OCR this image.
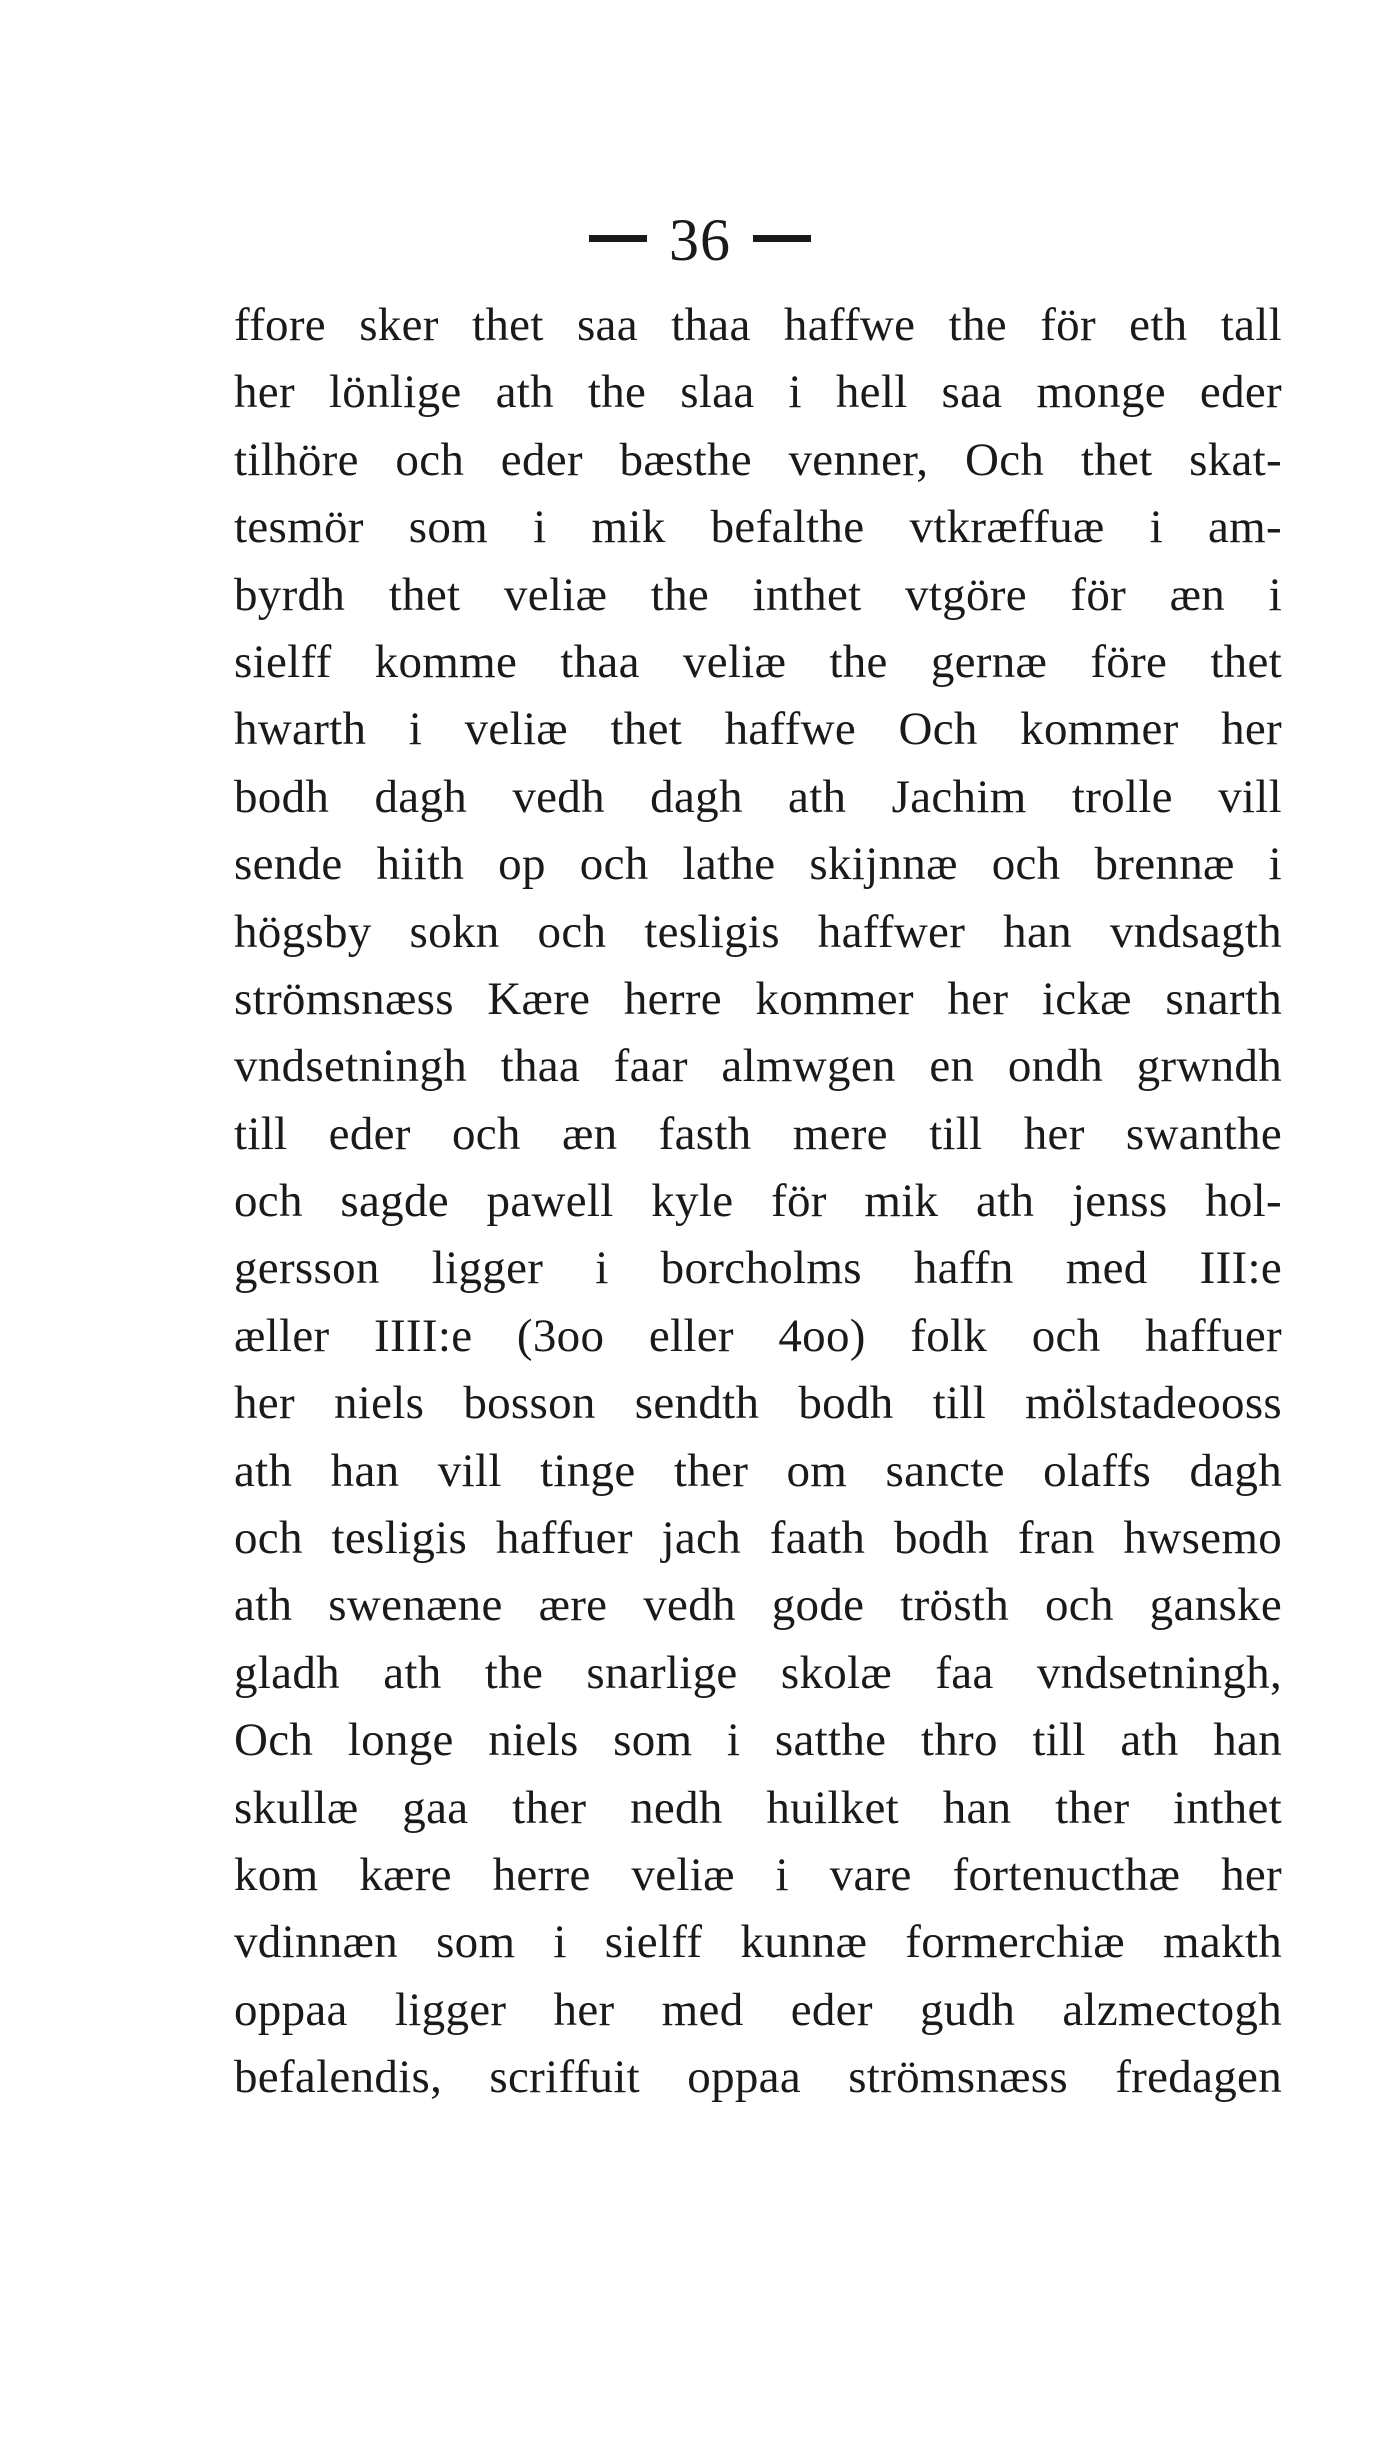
36
ffore sker thet saa thaa haffwe the för eth tall
her lönlige ath the slaa i hell saa monge eder
tilhöre och eder bæsthe venner, Och thet skat-
tesmör som i mik befalthe vtkræffuæ i am-
byrdh thet veliæ the inthet vtgöre för æn i
sielff komme thaa veliæ the gernæ före thet
hwarth i veliæ thet haffwe Och kommer her
bodh dagh vedh dagh ath Jachim trolle vill
sende hiith op och lathe skijnnæ och brennæ i
högsby sokn och tesligis haffwer han vndsagth
strömsnæss Kære herre kommer her ickæ snarth
vndsetningh thaa faar almwgen en ondh grwndh
till eder och æn fasth mere till her swanthe
och sagde pawell kyle för mik ath jenss hol-
gersson ligger i borcholms haffn med III:e
æller IIII:e (3oo eller 4oo) folk och haffuer
her niels bosson sendth bodh till mölstadeooss
ath han vill tinge ther om sancte olaffs dagh
och tesligis haffuer jach faath bodh fran hwsemo
ath swenæne ære vedh gode trösth och ganske
gladh ath the snarlige skolæ faa vndsetningh,
Och longe niels som i satthe thro till ath han
skullæ gaa ther nedh huilket han ther inthet
kom kære herre veliæ i vare fortenucthæ her
vdinnæn som i sielff kunnæ formerchiæ makth
oppaa ligger her med eder gudh alzmectogh
befalendis, scriffuit oppaa strömsnæss fredagen
